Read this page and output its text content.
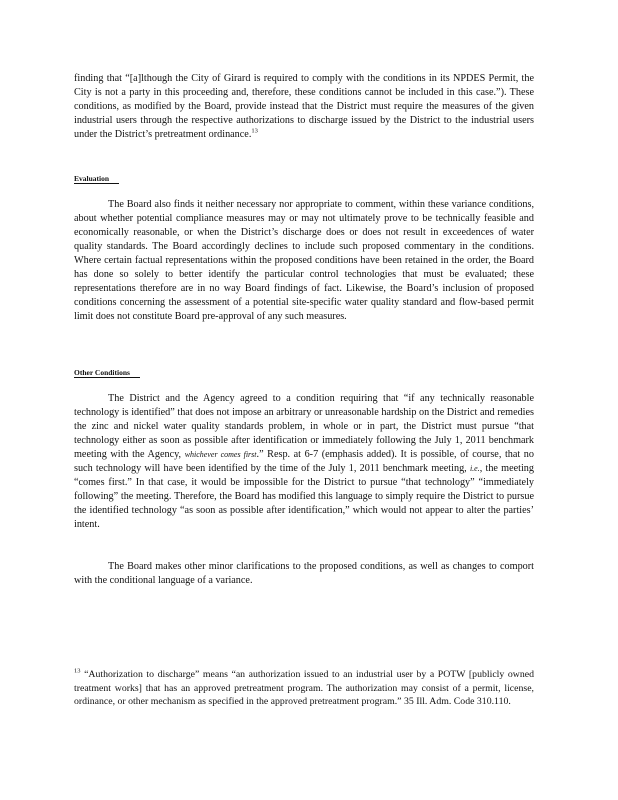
finding that “[a]lthough the City of Girard is required to comply with the conditions in its NPDES Permit, the City is not a party in this proceeding and, therefore, these conditions cannot be included in this case.”). These conditions, as modified by the Board, provide instead that the District must require the measures of the given industrial users through the respective authorizations to discharge issued by the District to the industrial users under the District’s pretreatment ordinance.$^{13}$

Evaluation

The Board also finds it neither necessary nor appropriate to comment, within these variance conditions, about whether potential compliance measures may or may not ultimately prove to be technically feasible and economically reasonable, or when the District’s discharge does or does not result in exceedences of water quality standards. The Board accordingly declines to include such proposed commentary in the conditions. Where certain factual representations within the proposed conditions have been retained in the order, the Board has done so solely to better identify the particular control technologies that must be evaluated; these representations therefore are in no way Board findings of fact. Likewise, the Board’s inclusion of proposed conditions concerning the assessment of a potential site-specific water quality standard and flow-based permit limit does not constitute Board pre-approval of any such measures.

Other Conditions

The District and the Agency agreed to a condition requiring that “if any technically reasonable technology is identified” that does not impose an arbitrary or unreasonable hardship on the District and remedies the zinc and nickel water quality standards problem, in whole or in part, the District must pursue “that technology either as soon as possible after identification or immediately following the July 1, 2011 benchmark meeting with the Agency, whichever comes first.” Resp. at 6-7 (emphasis added). It is possible, of course, that no such technology will have been identified by the time of the July 1, 2011 benchmark meeting, i.e., the meeting “comes first.” In that case, it would be impossible for the District to pursue “that technology” “immediately following” the meeting. Therefore, the Board has modified this language to simply require the District to pursue the identified technology “as soon as possible after identification,” which would not appear to alter the parties’ intent.

The Board makes other minor clarifications to the proposed conditions, as well as changes to comport with the conditional language of a variance.

$^{13}$ “Authorization to discharge” means “an authorization issued to an industrial user by a POTW [publicly owned treatment works] that has an approved pretreatment program. The authorization may consist of a permit, license, ordinance, or other mechanism as specified in the approved pretreatment program.” 35 Ill. Adm. Code 310.110.
